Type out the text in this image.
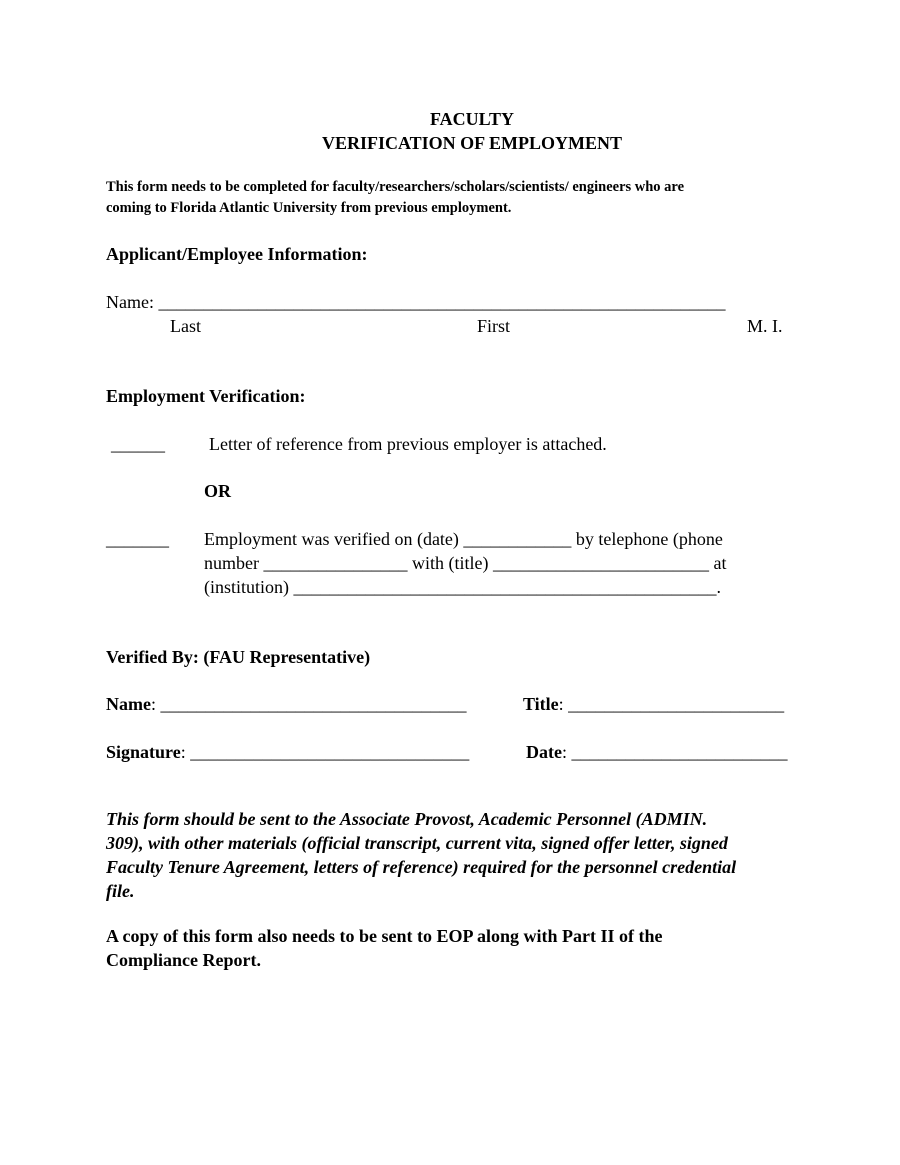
FACULTY
VERIFICATION OF EMPLOYMENT
This form needs to be completed for faculty/researchers/scholars/scientists/ engineers who are
coming to Florida Atlantic University from previous employment.
Applicant/Employee Information:
Name: _______________________________________________________________
Last	First	M. I.
Employment Verification:
______ Letter of reference from previous employer is attached.
OR
_______ Employment was verified on (date) ____________ by telephone (phone
number ________________ with (title) ________________________ at
(institution) _______________________________________________.
Verified By: (FAU Representative)
Name: __________________________________	Title: ________________________
Signature: _______________________________	Date: ________________________
This form should be sent to the Associate Provost, Academic Personnel (ADMIN.
309), with other materials (official transcript, current vita, signed offer letter, signed
Faculty Tenure Agreement, letters of reference) required for the personnel credential
file.
A copy of this form also needs to be sent to EOP along with Part II of the
Compliance Report.
